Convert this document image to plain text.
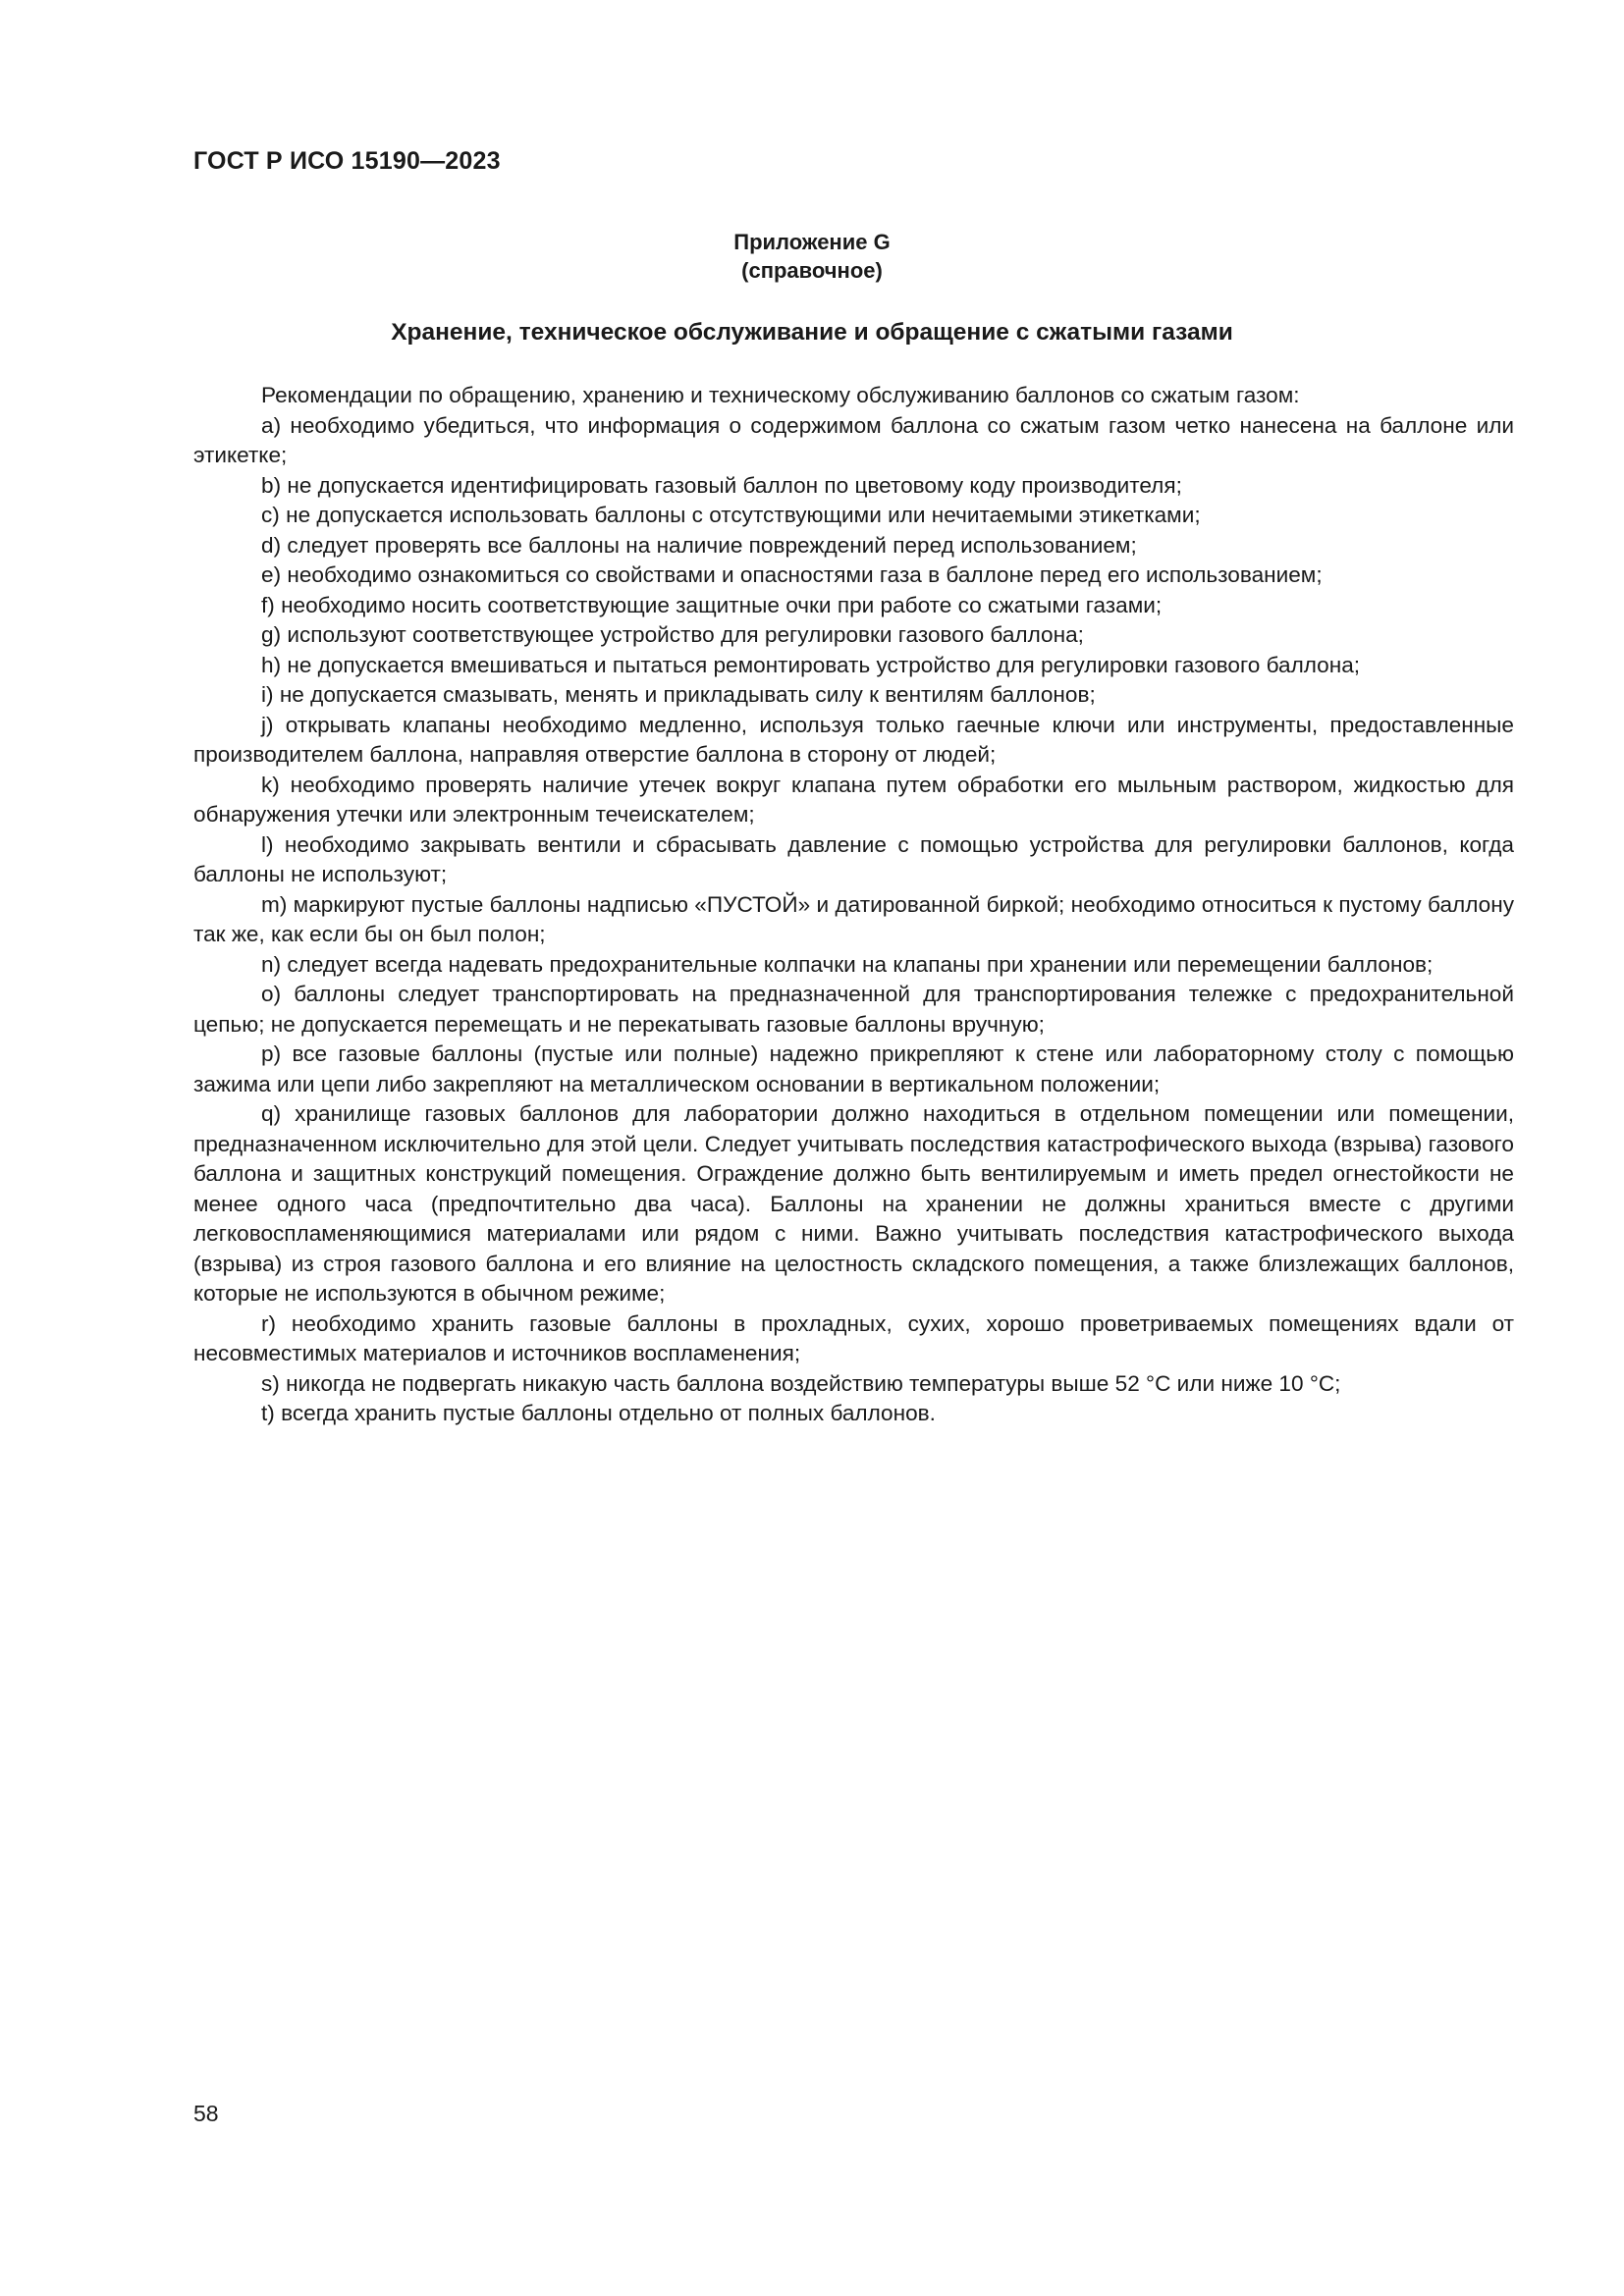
ГОСТ Р ИСО 15190—2023
Приложение G
(справочное)
Хранение, техническое обслуживание и обращение с сжатыми газами

Рекомендации по обращению, хранению и техническому обслуживанию баллонов со сжатым газом:

a) необходимо убедиться, что информация о содержимом баллона со сжатым газом четко нанесена на баллоне или этикетке;

b) не допускается идентифицировать газовый баллон по цветовому коду производителя;

c) не допускается использовать баллоны с отсутствующими или нечитаемыми этикетками;

d) следует проверять все баллоны на наличие повреждений перед использованием;

e) необходимо ознакомиться со свойствами и опасностями газа в баллоне перед его использованием;

f) необходимо носить соответствующие защитные очки при работе со сжатыми газами;

g) используют соответствующее устройство для регулировки газового баллона;

h) не допускается вмешиваться и пытаться ремонтировать устройство для регулировки газового баллона;

i) не допускается смазывать, менять и прикладывать силу к вентилям баллонов;

j) открывать клапаны необходимо медленно, используя только гаечные ключи или инструменты, предоставленные производителем баллона, направляя отверстие баллона в сторону от людей;

k) необходимо проверять наличие утечек вокруг клапана путем обработки его мыльным раствором, жидкостью для обнаружения утечки или электронным течеискателем;

l) необходимо закрывать вентили и сбрасывать давление с помощью устройства для регулировки баллонов, когда баллоны не используют;

m) маркируют пустые баллоны надписью «ПУСТОЙ» и датированной биркой; необходимо относиться к пустому баллону так же, как если бы он был полон;

n) следует всегда надевать предохранительные колпачки на клапаны при хранении или перемещении баллонов;

o) баллоны следует транспортировать на предназначенной для транспортирования тележке с предохранительной цепью; не допускается перемещать и не перекатывать газовые баллоны вручную;

p) все газовые баллоны (пустые или полные) надежно прикрепляют к стене или лабораторному столу с помощью зажима или цепи либо закрепляют на металлическом основании в вертикальном положении;

q) хранилище газовых баллонов для лаборатории должно находиться в отдельном помещении или помещении, предназначенном исключительно для этой цели. Следует учитывать последствия катастрофического выхода (взрыва) газового баллона и защитных конструкций помещения. Ограждение должно быть вентилируемым и иметь предел огнестойкости не менее одного часа (предпочтительно два часа). Баллоны на хранении не должны храниться вместе с другими легковоспламеняющимися материалами или рядом с ними. Важно учитывать последствия катастрофического выхода (взрыва) из строя газового баллона и его влияние на целостность складского помещения, а также близлежащих баллонов, которые не используются в обычном режиме;

r) необходимо хранить газовые баллоны в прохладных, сухих, хорошо проветриваемых помещениях вдали от несовместимых материалов и источников воспламенения;

s) никогда не подвергать никакую часть баллона воздействию температуры выше 52 °C или ниже 10 °C;

t) всегда хранить пустые баллоны отдельно от полных баллонов.

58
